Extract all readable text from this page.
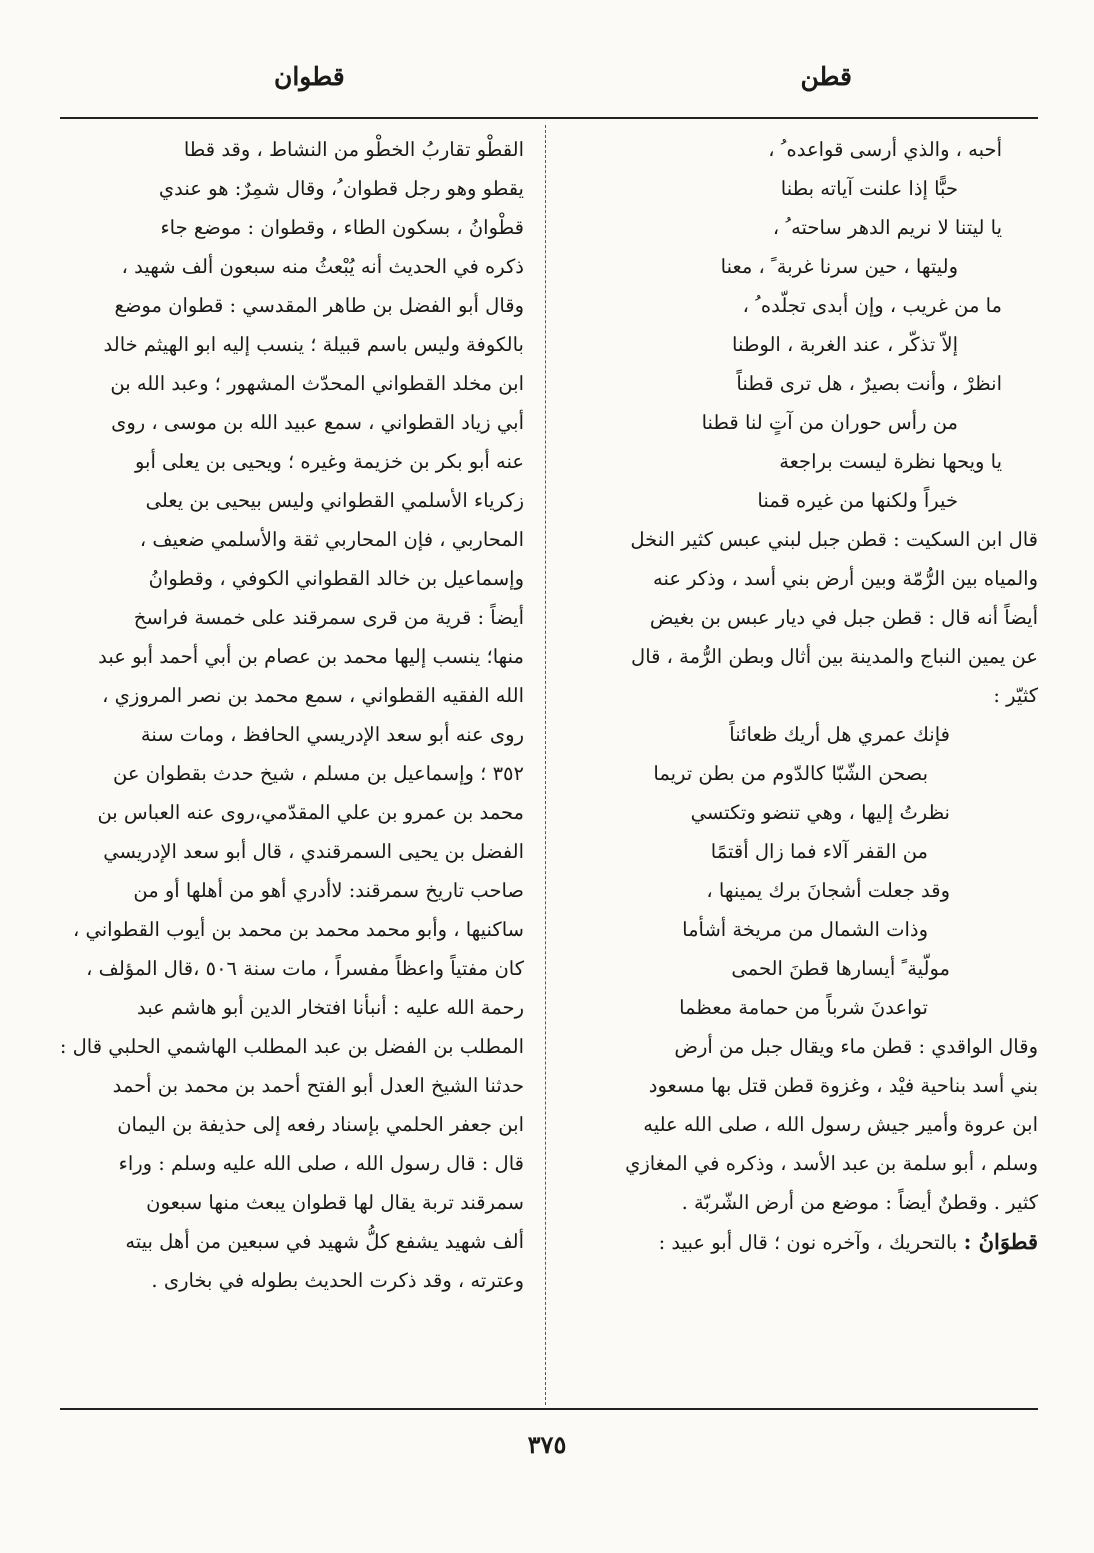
قطن
قطوان
أحبه ، والذي أرسى قواعده ُ ،
حبًّا إذا علنت آياته بطنا
يا ليتنا لا نريم الدهر ساحته ُ ،
وليتها ، حين سرنا غربة ً ، معنا
ما من غريب ، وإن أبدى تجلّده ُ ،
إلاّ تذكّر ، عند الغربة ، الوطنا
انظرْ ، وأنت بصيرٌ ، هل ترى قطناً
من رأس حوران من آتٍ لنا قطنا
يا ويحها نظرة ليست براجعة
خيراً ولكنها من غيره قمنا
قال ابن السكيت : قطن جبل لبني عبس كثير النخل
والمياه بين الرُّمّة وبين أرض بني أسد ، وذكر عنه
أيضاً أنه قال : قطن جبل في ديار عبس بن بغيض
عن يمين النباج والمدينة بين أثال وبطن الرُّمة ، قال
كثيّر :
فإنك عمري هل أريك ظعائناً
بصحن الشّبّا كالدّوم من بطن تريما
نظرتُ إليها ، وهي تنضو وتكتسي
من القفر آلاء فما زال أقتمًا
وقد جعلت أشجانَ برك يمينها ،
وذات الشمال من مريخة أشأما
مولّية ً أيسارها قطنَ الحمى
تواعدنَ شرباً من حمامة معظما
وقال الواقدي : قطن ماء ويقال جبل من أرض
بني أسد بناحية فيْد ، وغزوة قطن قتل بها مسعود
ابن عروة وأمير جيش رسول الله ، صلى الله عليه
وسلم ، أبو سلمة بن عبد الأسد ، وذكره في المغازي
كثير . وقطنٌ أيضاً : موضع من أرض الشّربّة .
قطوَانُ : بالتحريك ، وآخره نون ؛ قال أبو عبيد :
القطْو تقاربُ الخطْو من النشاط ، وقد قطا
يقطو وهو رجل قطوان ُ، وقال شمِرٌ: هو عندي
قطْوانُ ، بسكون الطاء ، وقطوان : موضع جاء
ذكره في الحديث أنه يُبْعثُ منه سبعون ألف شهيد ،
وقال أبو الفضل بن طاهر المقدسي : قطوان موضع
بالكوفة وليس باسم قبيلة ؛ ينسب إليه ابو الهيثم خالد
ابن مخلد القطواني المحدّث المشهور ؛ وعبد الله بن
أبي زياد القطواني ، سمع عبيد الله بن موسى ، روى
عنه أبو بكر بن خزيمة وغيره ؛ ويحيى بن يعلى أبو
زكرياء الأسلمي القطواني وليس بيحيى بن يعلى
المحاربي ، فإن المحاربي ثقة والأسلمي ضعيف ،
وإسماعيل بن خالد القطواني الكوفي ، وقطوانُ
أيضاً : قرية من قرى سمرقند على خمسة فراسخ
منها؛ ينسب إليها محمد بن عصام بن أبي أحمد أبو عبد
الله الفقيه القطواني ، سمع محمد بن نصر المروزي ،
روى عنه أبو سعد الإدريسي الحافظ ، ومات سنة
٣٥٢ ؛ وإسماعيل بن مسلم ، شيخ حدث بقطوان عن
محمد بن عمرو بن علي المقدّمي،روى عنه العباس بن
الفضل بن يحيى السمرقندي ، قال أبو سعد الإدريسي
صاحب تاريخ سمرقند: لاأدري أهو من أهلها أو من
ساكنيها ، وأبو محمد محمد بن محمد بن أيوب القطواني ،
كان مفتياً واعظاً مفسراً ، مات سنة ٥٠٦ ،قال المؤلف ،
رحمة الله عليه : أنبأنا افتخار الدين أبو هاشم عبد
المطلب بن الفضل بن عبد المطلب الهاشمي الحلبي قال :
حدثنا الشيخ العدل أبو الفتح أحمد بن محمد بن أحمد
ابن جعفر الحلمي بإسناد رفعه إلى حذيفة بن اليمان
قال : قال رسول الله ، صلى الله عليه وسلم : وراء
سمرقند تربة يقال لها قطوان يبعث منها سبعون
ألف شهيد يشفع كلُّ شهيد في سبعين من أهل بيته
وعترته ، وقد ذكرت الحديث بطوله في بخارى .
٣٧٥
